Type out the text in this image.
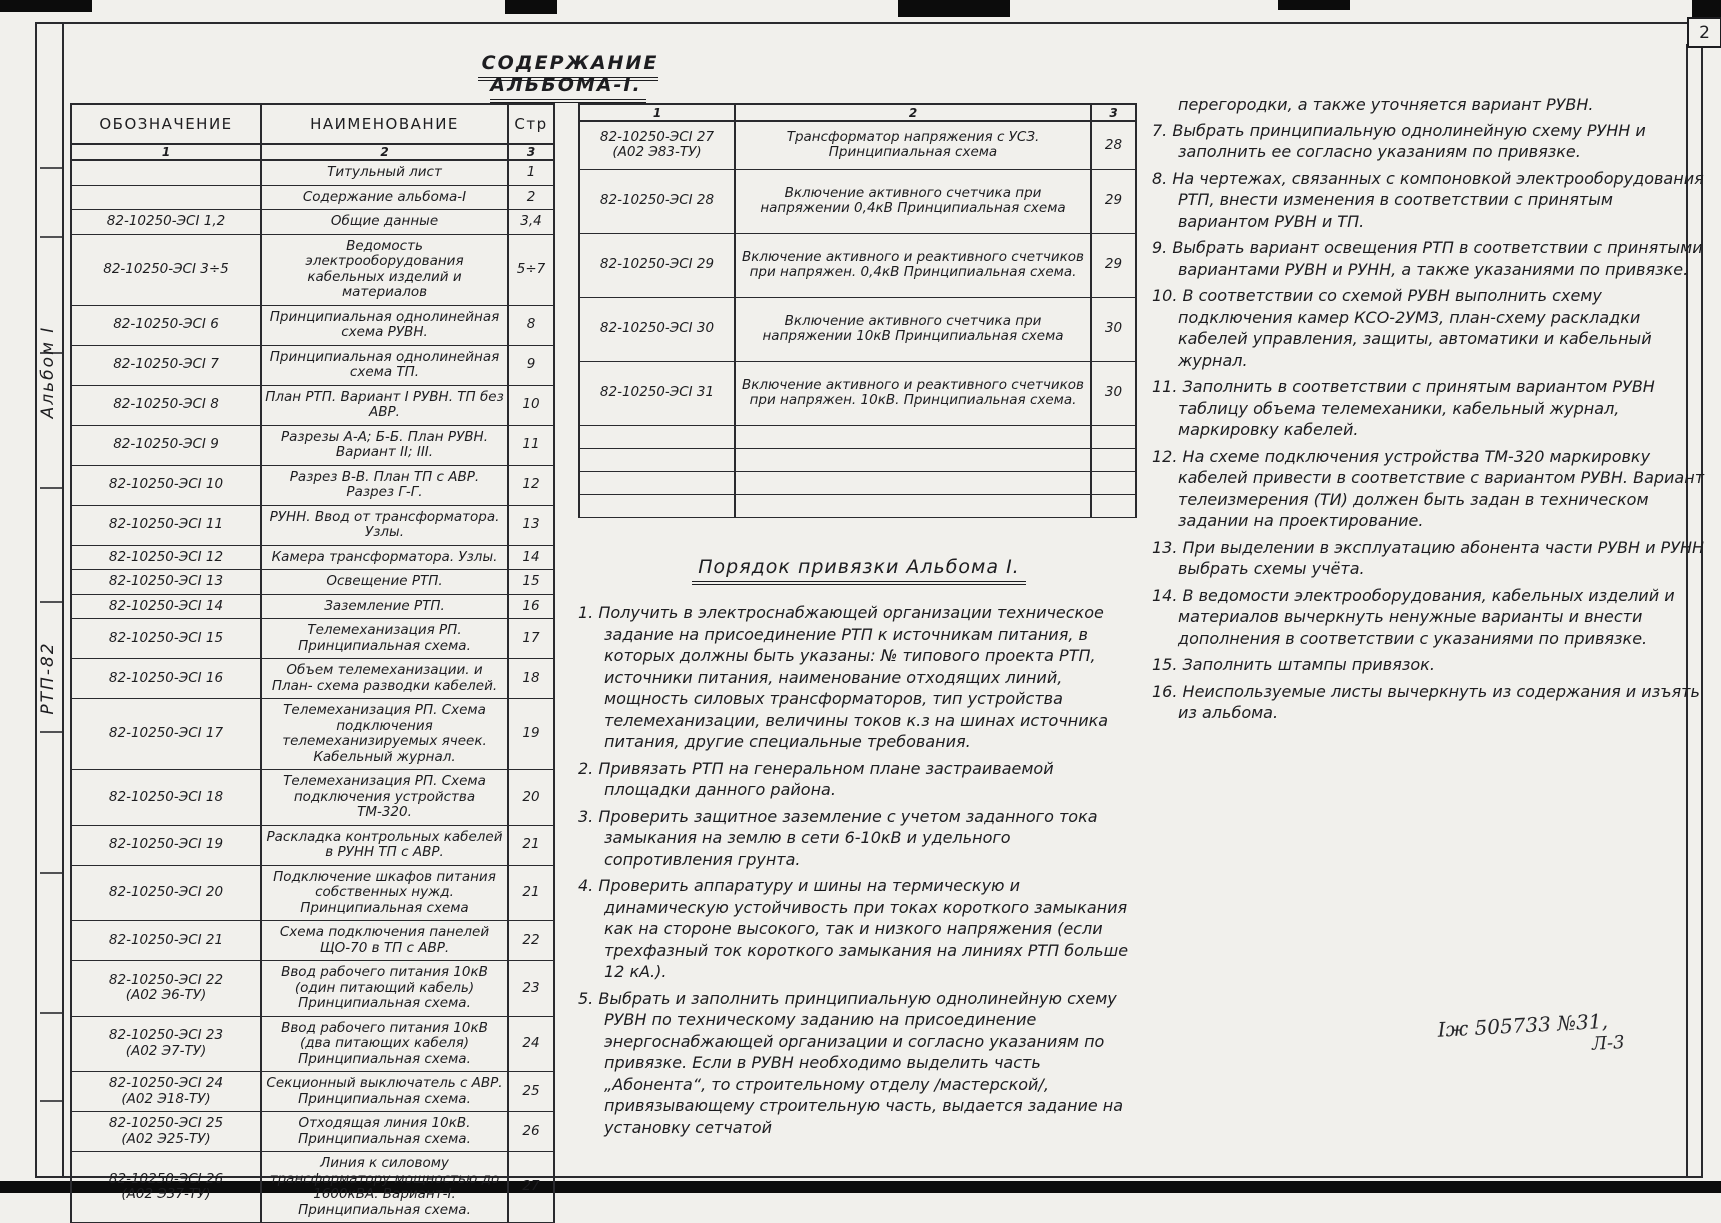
2
Альбом I
РТП-82
СОДЕРЖАНИЕ АЛЬБОМА-I.
ОБОЗНАЧЕНИЕ	НАИМЕНОВАНИЕ	Стр
1	2	3

	Титульный лист	1

	Содержание альбома-I	2

82-10250-ЭСI 1,2	Общие данные	3,4

82-10250-ЭСI 3÷5	Ведомость электрооборудования кабельных изделий и материалов	5÷7

82-10250-ЭСI 6	Принципиальная однолинейная схема РУВН.	8

82-10250-ЭСI 7	Принципиальная однолинейная схема ТП.	9

82-10250-ЭСI 8	План РТП. Вариант I РУВН. ТП без АВР.	10

82-10250-ЭСI 9	Разрезы А-А; Б-Б. План РУВН. Вариант II; III.	11

82-10250-ЭСI 10	Разрез В-В. План ТП с АВР. Разрез Г-Г.	12

82-10250-ЭСI 11	РУНН. Ввод от трансформатора. Узлы.	13

82-10250-ЭСI 12	Камера трансформатора. Узлы.	14

82-10250-ЭСI 13	Освещение РТП.	15

82-10250-ЭСI 14	Заземление РТП.	16

82-10250-ЭСI 15	Телемеханизация РП. Принципиальная схема.	17

82-10250-ЭСI 16	Объем телемеханизации. и План- схема разводки кабелей.	18

82-10250-ЭСI 17	Телемеханизация РП. Схема подключения телемеханизируемых ячеек. Кабельный журнал.	19

82-10250-ЭСI 18	Телемеханизация РП. Схема подключения устройства ТМ-320.	20

82-10250-ЭСI 19	Раскладка контрольных кабелей в РУНН ТП с АВР.	21

82-10250-ЭСI 20	Подключение шкафов питания собственных нужд. Принципиальная схема	21

82-10250-ЭСI 21	Схема подключения панелей ЩО-70 в ТП с АВР.	22

82-10250-ЭСI 22
(А02 Э6-ТУ)	Ввод рабочего питания 10кВ (один питающий кабель) Принципиальная схема.	23

82-10250-ЭСI 23
(А02 Э7-ТУ)	Ввод рабочего питания 10кВ (два питающих кабеля) Принципиальная схема.	24

82-10250-ЭСI 24
(А02 Э18-ТУ)	Секционный выключатель с АВР. Принципиальная схема.	25

82-10250-ЭСI 25
(А02 Э25-ТУ)	Отходящая линия 10кВ. Принципиальная схема.	26

82-10250-ЭСI 26
(А02 Э37-ТУ)	Линия к силовому трансформатору мощностью до 1600кВА. Вариант-I. Принципиальная схема.	27
1	2	3

82-10250-ЭСI 27
(А02 Э83-ТУ)	Трансформатор напряжения с УСЗ. Принципиальная схема	28

82-10250-ЭСI 28	Включение активного счетчика при напряжении 0,4кВ Принципиальная схема	29

82-10250-ЭСI 29	Включение активного и реактивного счетчиков при напряжен. 0,4кВ Принципиальная схема.	29

82-10250-ЭСI 30	Включение активного счетчика при напряжении 10кВ Принципиальная схема	30

82-10250-ЭСI 31	Включение активного и реактивного счетчиков при напряжен. 10кВ. Принципиальная схема.	30

Порядок привязки Альбома I.
1. Получить в электроснабжающей организации техническое задание на присоединение РТП к источникам питания, в которых должны быть указаны: № типового проекта РТП, источники питания, наименование отходящих линий, мощность силовых трансформаторов, тип устройства телемеханизации, величины токов к.з на шинах источника питания, другие специальные требования.
2. Привязать РТП на генеральном плане застраиваемой площадки данного района.
3. Проверить защитное заземление с учетом заданного тока замыкания на землю в сети 6-10кВ и удельного сопротивления грунта.
4. Проверить аппаратуру и шины на термическую и динамическую устойчивость при токах короткого замыкания как на стороне высокого, так и низкого напряжения (если трехфазный ток короткого замыкания на линиях РТП больше 12 кА.).
5. Выбрать и заполнить принципиальную однолинейную схему РУВН по техническому заданию на присоединение энергоснабжающей организации и согласно указаниям по привязке. Если в РУВН необходимо выделить часть „Абонента“, то строительному отделу /мастерской/, привязывающему строительную часть, выдается задание на установку сетчатой
перегородки, а также уточняется вариант РУВН.
7. Выбрать принципиальную однолинейную схему РУНН и заполнить ее согласно указаниям по привязке.
8. На чертежах, связанных с компоновкой электрооборудования РТП, внести изменения в соответствии с принятым вариантом РУВН и ТП.
9. Выбрать вариант освещения РТП в соответствии с принятыми вариантами РУВН и РУНН, а также указаниями по привязке.
10. В соответствии со схемой РУВН выполнить схему подключения камер КСО-2УМЗ, план-схему раскладки кабелей управления, защиты, автоматики и кабельный журнал.
11. Заполнить в соответствии с принятым вариантом РУВН таблицу объема телемеханики, кабельный журнал, маркировку кабелей.
12. На схеме подключения устройства ТМ-320 маркировку кабелей привести в соответствие с вариантом РУВН. Вариант телеизмерения (ТИ) должен быть задан в техническом задании на проектирование.
13. При выделении в эксплуатацию абонента части РУВН и РУНН выбрать схемы учёта.
14. В ведомости электрооборудования, кабельных изделий и материалов вычеркнуть ненужные варианты и внести дополнения в соответствии с указаниями по привязке.
15. Заполнить штампы привязок.
16. Неиспользуемые листы вычеркнуть из содержания и изъять из альбома.
Iж 505733 №31,
Л-3
